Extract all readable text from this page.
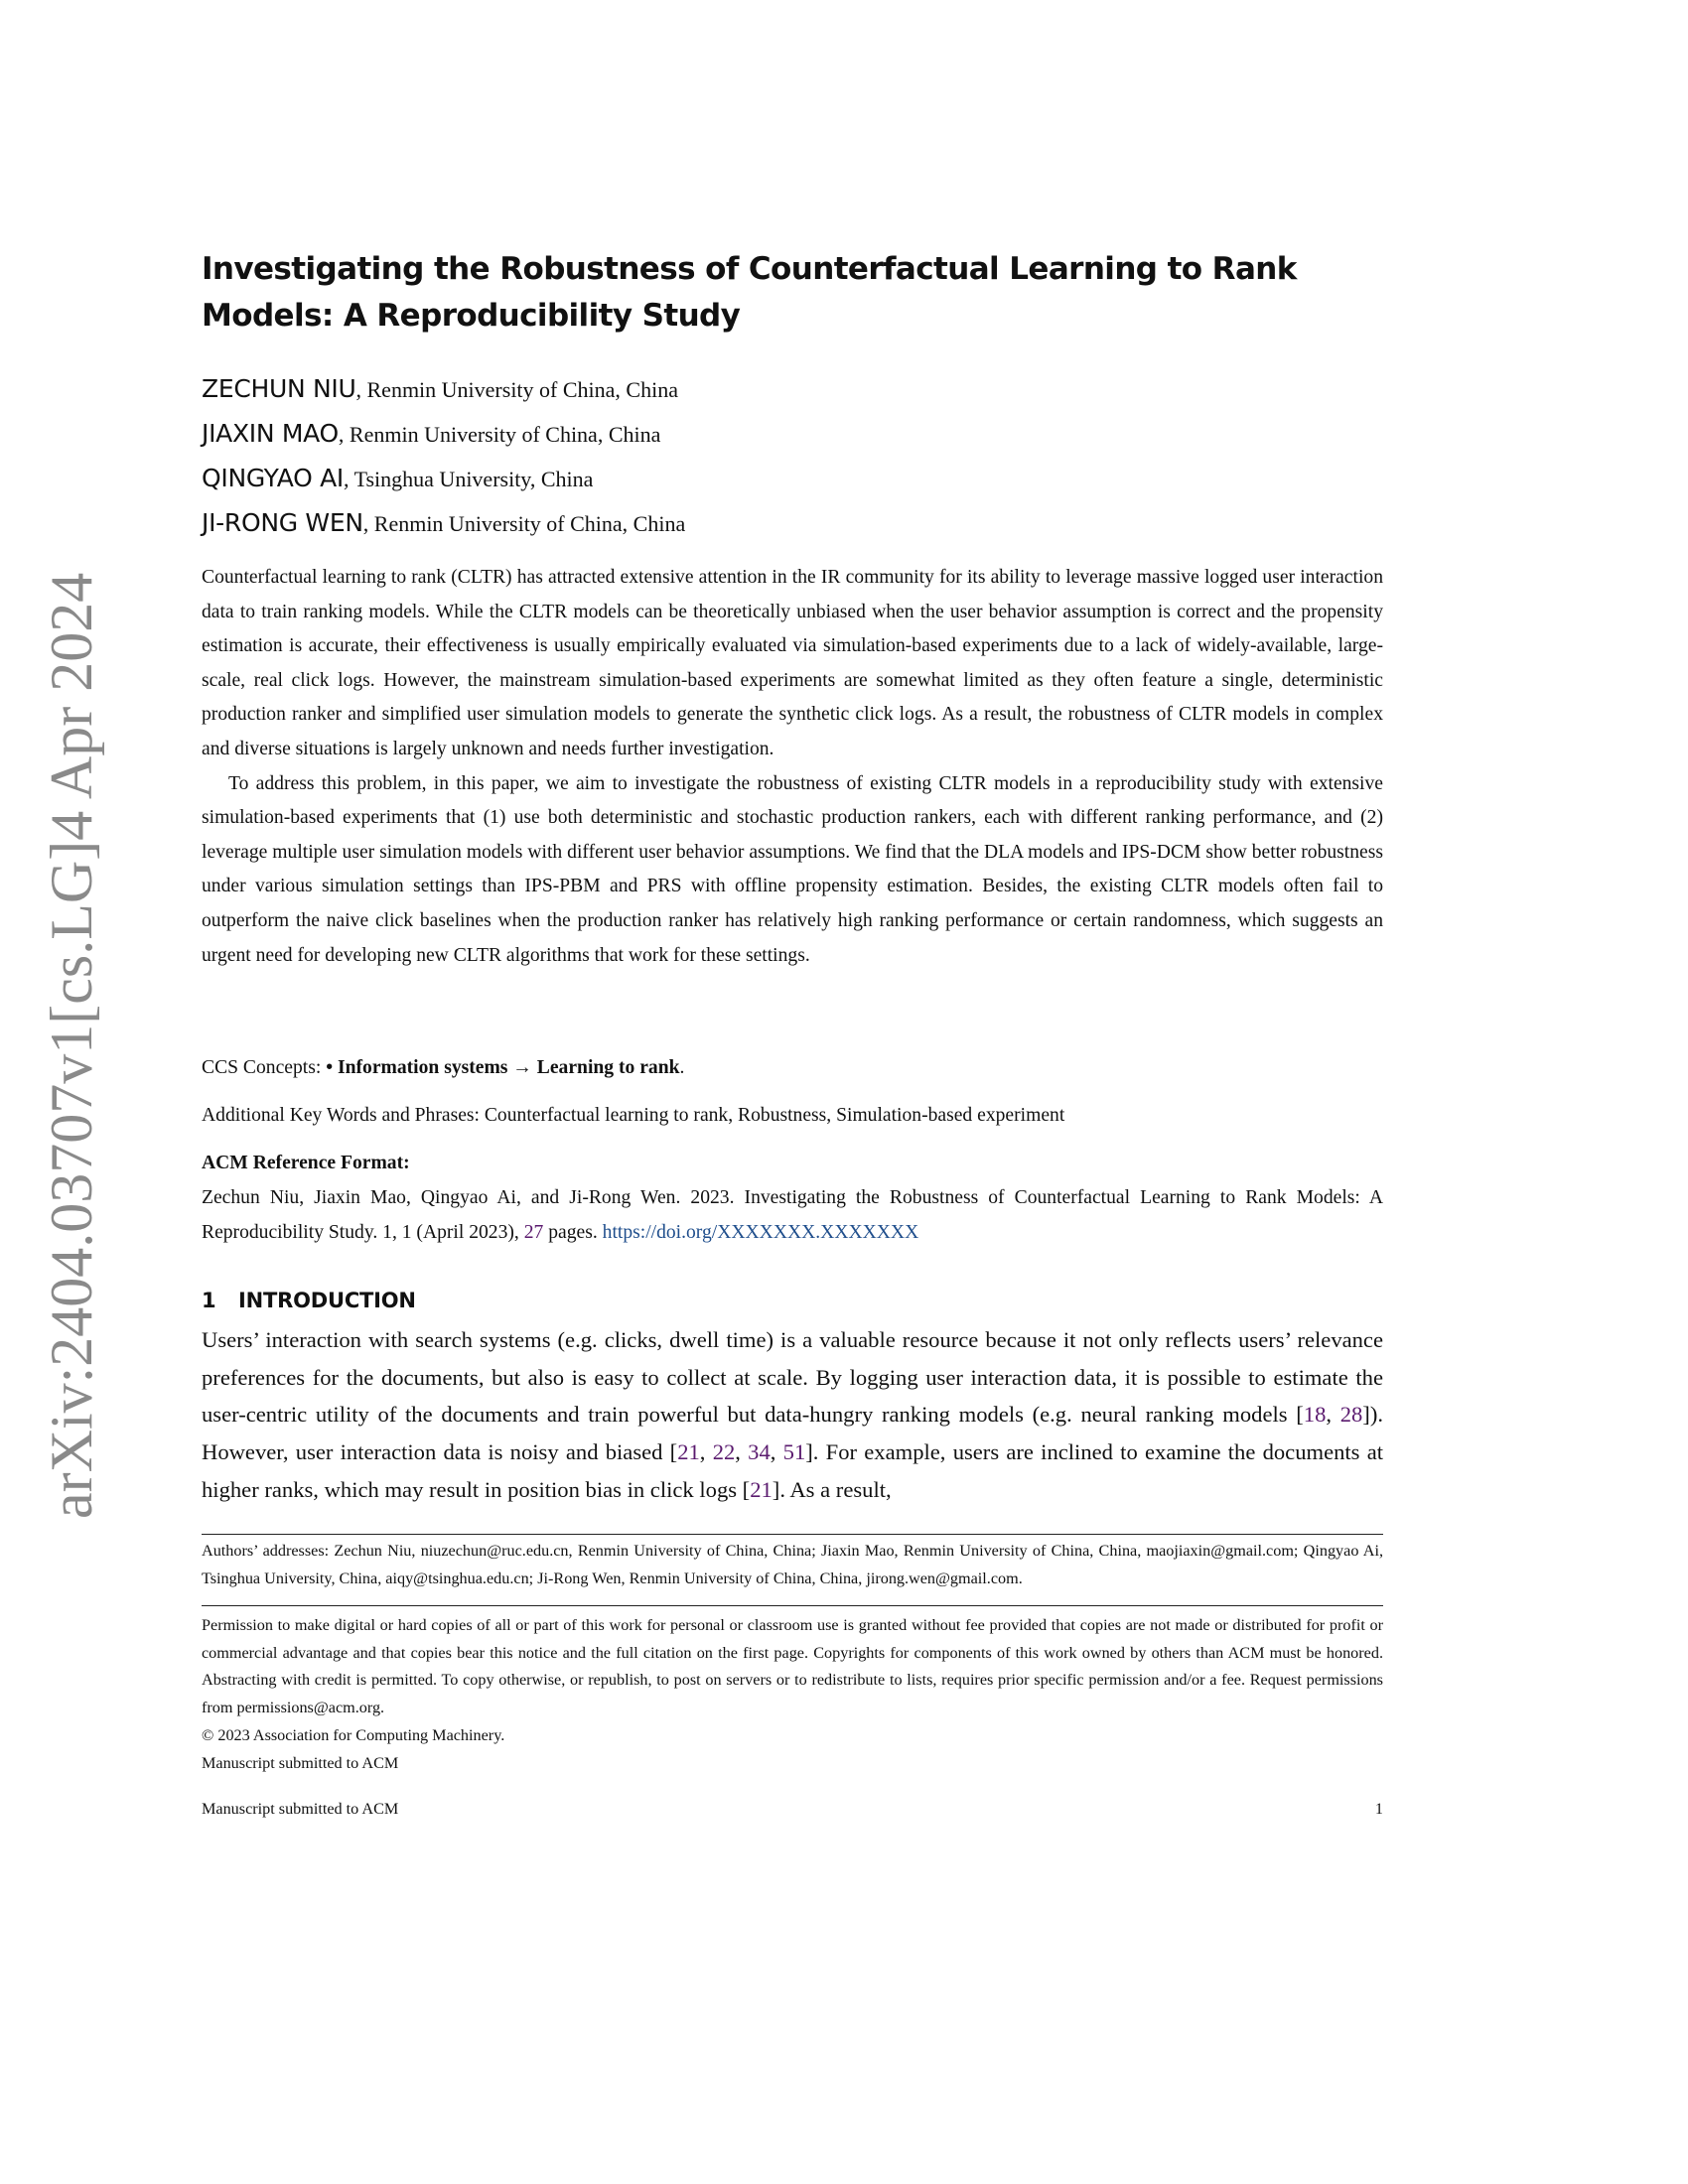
arXiv:2404.03707v1
[cs.LG]
4 Apr 2024
Investigating the Robustness of Counterfactual Learning to Rank Models: A Reproducibility Study
ZECHUN NIU, Renmin University of China, China
JIAXIN MAO, Renmin University of China, China
QINGYAO AI, Tsinghua University, China
JI-RONG WEN, Renmin University of China, China

Counterfactual learning to rank (CLTR) has attracted extensive attention in the IR community for its ability to leverage massive logged user interaction data to train ranking models. While the CLTR models can be theoretically unbiased when the user behavior assumption is correct and the propensity estimation is accurate, their effectiveness is usually empirically evaluated via simulation-based experiments due to a lack of widely-available, large-scale, real click logs. However, the mainstream simulation-based experiments are somewhat limited as they often feature a single, deterministic production ranker and simplified user simulation models to generate the synthetic click logs. As a result, the robustness of CLTR models in complex and diverse situations is largely unknown and needs further investigation.

To address this problem, in this paper, we aim to investigate the robustness of existing CLTR models in a reproducibility study with extensive simulation-based experiments that (1) use both deterministic and stochastic production rankers, each with different ranking performance, and (2) leverage multiple user simulation models with different user behavior assumptions. We find that the DLA models and IPS-DCM show better robustness under various simulation settings than IPS-PBM and PRS with offline propensity estimation. Besides, the existing CLTR models often fail to outperform the naive click baselines when the production ranker has relatively high ranking performance or certain randomness, which suggests an urgent need for developing new CLTR algorithms that work for these settings.

CCS Concepts: • Information systems → Learning to rank.
Additional Key Words and Phrases: Counterfactual learning to rank, Robustness, Simulation-based experiment
ACM Reference Format:
Zechun Niu, Jiaxin Mao, Qingyao Ai, and Ji-Rong Wen. 2023. Investigating the Robustness of Counterfactual Learning to Rank Models: A Reproducibility Study. 1, 1 (April 2023), 27 pages. https://doi.org/XXXXXXX.XXXXXXX
1 INTRODUCTION

Users’ interaction with search systems (e.g. clicks, dwell time) is a valuable resource because it not only reflects users’ relevance preferences for the documents, but also is easy to collect at scale. By logging user interaction data, it is possible to estimate the user-centric utility of the documents and train powerful but data-hungry ranking models (e.g. neural ranking models [18, 28]). However, user interaction data is noisy and biased [21, 22, 34, 51]. For example, users are inclined to examine the documents at higher ranks, which may result in position bias in click logs [21]. As a result,

Authors’ addresses: Zechun Niu, niuzechun@ruc.edu.cn, Renmin University of China, China; Jiaxin Mao, Renmin University of China, China, maojiaxin@gmail.com; Qingyao Ai, Tsinghua University, China, aiqy@tsinghua.edu.cn; Ji-Rong Wen, Renmin University of China, China, jirong.wen@gmail.com.
Permission to make digital or hard copies of all or part of this work for personal or classroom use is granted without fee provided that copies are not made or distributed for profit or commercial advantage and that copies bear this notice and the full citation on the first page. Copyrights for components of this work owned by others than ACM must be honored. Abstracting with credit is permitted. To copy otherwise, or republish, to post on servers or to redistribute to lists, requires prior specific permission and/or a fee. Request permissions from permissions@acm.org.
© 2023 Association for Computing Machinery.
Manuscript submitted to ACM
Manuscript submitted to ACM	1
